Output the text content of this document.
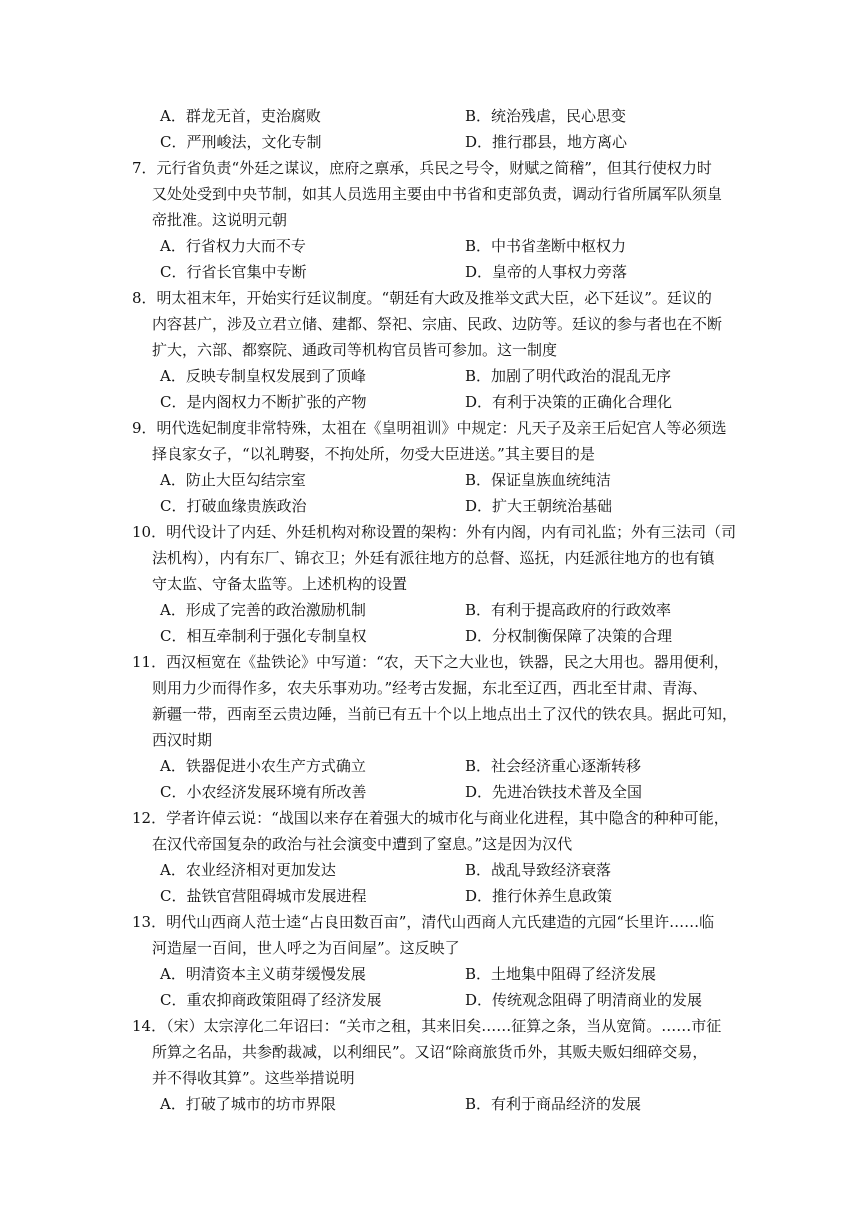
A．群龙无首，吏治腐败	B．统治残虐，民心思变
C．严刑峻法，文化专制	D．推行郡县，地方离心
7．元行省负责“外廷之谋议，庶府之禀承，兵民之号令，财赋之简稽”，但其行使权力时
又处处受到中央节制，如其人员选用主要由中书省和吏部负责，调动行省所属军队须皇
帝批准。这说明元朝
A．行省权力大而不专	B．中书省垄断中枢权力
C．行省长官集中专断	D．皇帝的人事权力旁落
8．明太祖末年，开始实行廷议制度。“朝廷有大政及推举文武大臣，必下廷议”。廷议的
内容甚广，涉及立君立储、建都、祭祀、宗庙、民政、边防等。廷议的参与者也在不断
扩大，六部、都察院、通政司等机构官员皆可参加。这一制度
A．反映专制皇权发展到了顶峰	B．加剧了明代政治的混乱无序
C．是内阁权力不断扩张的产物	D．有利于决策的正确化合理化
9．明代选妃制度非常特殊，太祖在《皇明祖训》中规定：凡天子及亲王后妃宫人等必须选
择良家女子，“以礼聘娶，不拘处所，勿受大臣进送。”其主要目的是
A．防止大臣勾结宗室	B．保证皇族血统纯洁
C．打破血缘贵族政治	D．扩大王朝统治基础
10．明代设计了内廷、外廷机构对称设置的架构：外有内阁，内有司礼监；外有三法司（司
法机构），内有东厂、锦衣卫；外廷有派往地方的总督、巡抚，内廷派往地方的也有镇
守太监、守备太监等。上述机构的设置
A．形成了完善的政治激励机制	B．有利于提高政府的行政效率
C．相互牵制利于强化专制皇权	D．分权制衡保障了决策的合理
11．西汉桓宽在《盐铁论》中写道：“农，天下之大业也，铁器，民之大用也。器用便利，
则用力少而得作多，农夫乐事劝功。”经考古发掘，东北至辽西，西北至甘肃、青海、
新疆一带，西南至云贵边陲，当前已有五十个以上地点出土了汉代的铁农具。据此可知，
西汉时期
A．铁器促进小农生产方式确立	B．社会经济重心逐渐转移
C．小农经济发展环境有所改善	D．先进冶铁技术普及全国
12．学者许倬云说：“战国以来存在着强大的城市化与商业化进程，其中隐含的种种可能，
在汉代帝国复杂的政治与社会演变中遭到了窒息。”这是因为汉代
A．农业经济相对更加发达	B．战乱导致经济衰落
C．盐铁官营阻碍城市发展进程	D．推行休养生息政策
13．明代山西商人范士逵“占良田数百亩”，清代山西商人亢氏建造的亢园“长里许……临
河造屋一百间，世人呼之为百间屋”。这反映了
A．明清资本主义萌芽缓慢发展	B．土地集中阻碍了经济发展
C．重农抑商政策阻碍了经济发展	D．传统观念阻碍了明清商业的发展
14．（宋）太宗淳化二年诏曰：“关市之租，其来旧矣……征算之条，当从宽简。……市征
所算之名品，共参酌裁减，以利细民”。又诏“除商旅货币外，其贩夫贩妇细碎交易，
并不得收其算”。这些举措说明
A．打破了城市的坊市界限	B．有利于商品经济的发展
